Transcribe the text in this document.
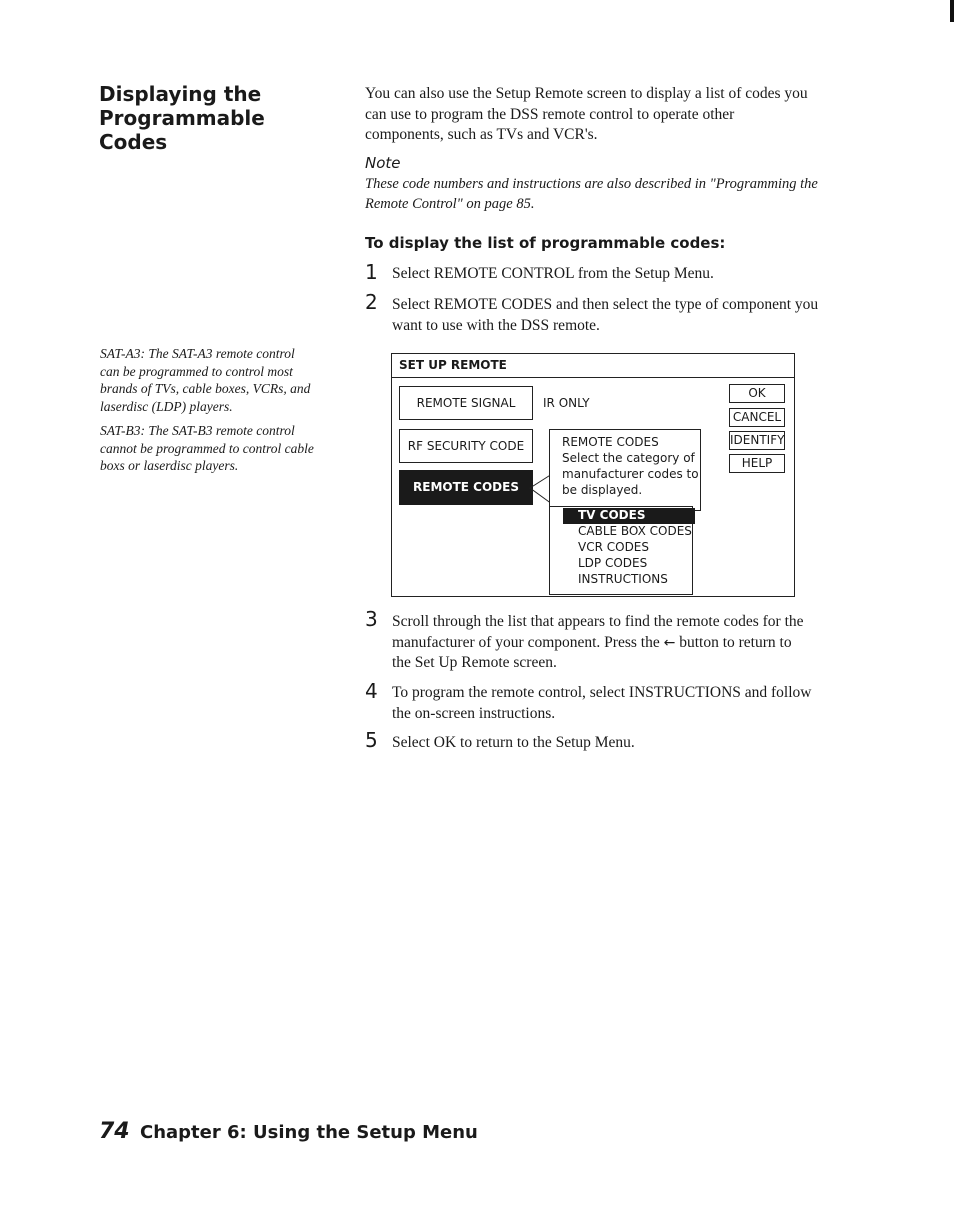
Displaying the
Programmable Codes
You can also use the Setup Remote screen to display a list of codes you
can use to program the DSS remote control to operate other
components, such as TVs and VCR's.
Note
These code numbers and instructions are also described in "Programming the
Remote Control" on page 85.
To display the list of programmable codes:
1 Select REMOTE CONTROL from the Setup Menu.
2 Select REMOTE CODES and then select the type of component you
want to use with the DSS remote.
SAT-A3: The SAT-A3 remote control
can be programmed to control most
brands of TVs, cable boxes, VCRs, and
laserdisc (LDP) players.
SAT-B3: The SAT-B3 remote control
cannot be programmed to control cable
boxs or laserdisc players.
SET UP REMOTE
REMOTE SIGNAL	IR ONLY
RF SECURITY CODE
REMOTE CODES
REMOTE CODES
Select the category of
manufacturer codes to
be displayed.
TV CODES
CABLE BOX CODES
VCR CODES
LDP CODES
INSTRUCTIONS
OK
CANCEL
IDENTIFY
HELP
3 Scroll through the list that appears to find the remote codes for the
manufacturer of your component. Press the ← button to return to
the Set Up Remote screen.
4 To program the remote control, select INSTRUCTIONS and follow
the on-screen instructions.
5 Select OK to return to the Setup Menu.
74 Chapter 6: Using the Setup Menu
